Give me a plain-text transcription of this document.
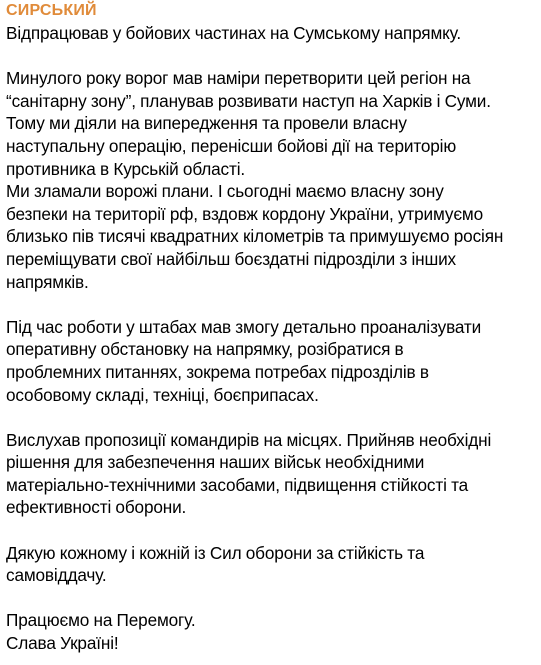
СИРСЬКИЙ
Відпрацював у бойових частинах на Сумському напрямку.
Минулого року ворог мав наміри перетворити цей регіон на
“санітарну зону”, планував розвивати наступ на Харків і Суми.
Тому ми діяли на випередження та провели власну
наступальну операцію, перенісши бойові дії на територію
противника в Курській області.
Ми зламали ворожі плани. І сьогодні маємо власну зону
безпеки на території рф, вздовж кордону України, утримуємо
близько пів тисячі квадратних кілометрів та примушуємо росіян
переміщувати свої найбільш боєздатні підрозділи з інших
напрямків.
Під час роботи у штабах мав змогу детально проаналізувати
оперативну обстановку на напрямку, розібратися в
проблемних питаннях, зокрема потребах підрозділів в
особовому складі, техніці, боєприпасах.
Вислухав пропозиції командирів на місцях. Прийняв необхідні
рішення для забезпечення наших військ необхідними
матеріально-технічними засобами, підвищення стійкості та
ефективності оборони.
Дякую кожному і кожній із Сил оборони за стійкість та
самовіддачу.
Працюємо на Перемогу.
Слава Україні!
